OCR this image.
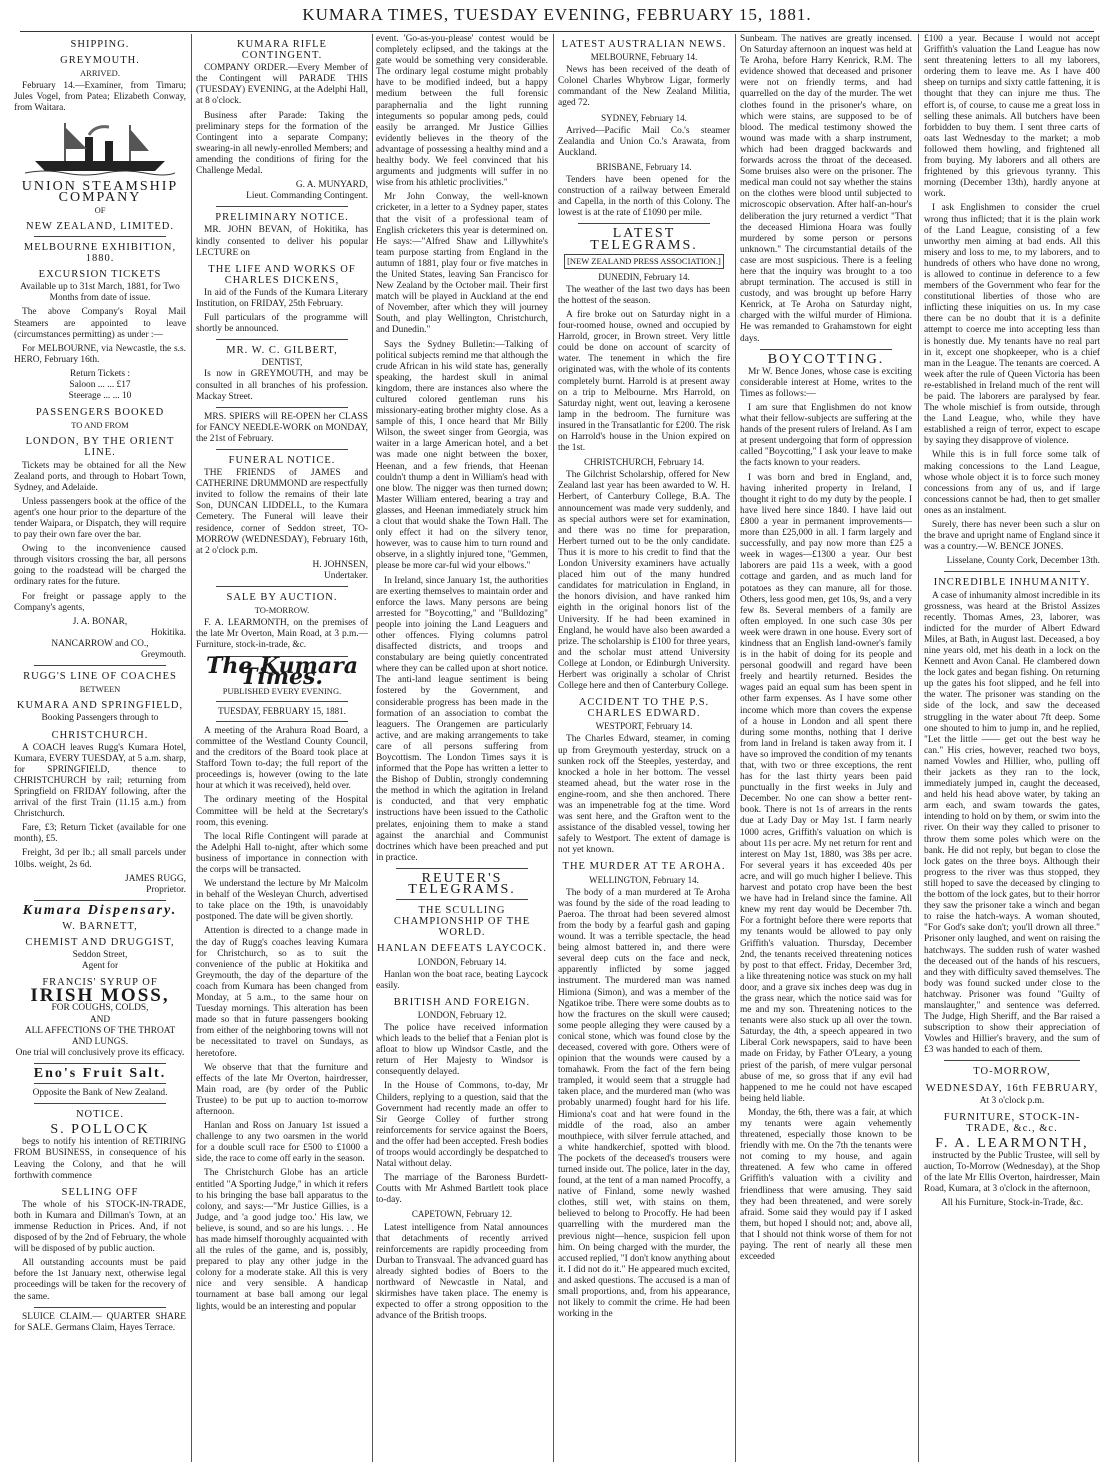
KUMARA TIMES, TUESDAY EVENING, FEBRUARY 15, 1881.
SHIPPING.
GREYMOUTH.
ARRIVED.

February 14.—Examiner, from Timaru; Jules Vogel, from Patea; Elizabeth Conway, from Waitara.

UNION STEAMSHIP COMPANY
OF
NEW ZEALAND, LIMITED.
MELBOURNE EXHIBITION, 1880.
EXCURSION TICKETS

Available up to 31st March, 1881, for Two Months from date of issue.

The above Company's Royal Mail Steamers are appointed to leave (circumstances permitting) as under :—

For MELBOURNE, via Newcastle, the s.s. HERO, February 16th.

Return Tickets :
Saloon ... ... £17
Steerage ... ... 10
PASSENGERS BOOKED
TO AND FROM
LONDON, BY THE ORIENT LINE.

Tickets may be obtained for all the New Zealand ports, and through to Hobart Town, Sydney, and Adelaide.

Unless passengers book at the office of the agent's one hour prior to the departure of the tender Waipara, or Dispatch, they will require to pay their own fare over the bar.

Owing to the inconvenience caused through visitors crossing the bar, all persons going to the roadstead will be charged the ordinary rates for the future.

For freight or passage apply to the Company's agents,

J. A. BONAR,
Hokitika.
NANCARROW and CO.,
Greymouth.
RUGG'S LINE OF COACHES
BETWEEN
KUMARA AND SPRINGFIELD,
Booking Passengers through to
CHRISTCHURCH.

A COACH leaves Rugg's Kumara Hotel, Kumara, EVERY TUESDAY, at 5 a.m. sharp, for SPRINGFIELD, thence to CHRISTCHURCH by rail; returning from Springfield on FRIDAY following, after the arrival of the first Train (11.15 a.m.) from Christchurch.

Fare, £3; Return Ticket (available for one month), £5.

Freight, 3d per lb.; all small parcels under 10lbs. weight, 2s 6d.

JAMES RUGG,
Proprietor.
Kumara Dispensary.
W. BARNETT,
CHEMIST AND DRUGGIST,
Seddon Street,
Agent for
FRANCIS' SYRUP OF
IRISH MOSS,
FOR COUGHS, COLDS,
AND
ALL AFFECTIONS OF THE THROAT AND LUNGS.

One trial will conclusively prove its efficacy.

Eno's Fruit Salt.
Opposite the Bank of New Zealand.
NOTICE.
S. POLLOCK

begs to notify his intention of RETIRING FROM BUSINESS, in consequence of his Leaving the Colony, and that he will forthwith commence

SELLING OFF

The whole of his STOCK-IN-TRADE, both in Kumara and Dillman's Town, at an immense Reduction in Prices. And, if not disposed of by the 2nd of February, the whole will be disposed of by public auction.

All outstanding accounts must be paid before the 1st January next, otherwise legal proceedings will be taken for the recovery of the same.

SLUICE CLAIM.— QUARTER SHARE for SALE. Germans Claim, Hayes Terrace.

KUMARA RIFLE CONTINGENT.

COMPANY ORDER.—Every Member of the Contingent will PARADE THIS (TUESDAY) EVENING, at the Adelphi Hall, at 8 o'clock.

Business after Parade: Taking the preliminary steps for the formation of the Contingent into a separate Company; swearing-in all newly-enrolled Members; and amending the conditions of firing for the Challenge Medal.

G. A. MUNYARD,
Lieut. Commanding Contingent.
PRELIMINARY NOTICE.

MR. JOHN BEVAN, of Hokitika, has kindly consented to deliver his popular LECTURE on

THE LIFE AND WORKS OF CHARLES DICKENS,

In aid of the Funds of the Kumara Literary Institution, on FRIDAY, 25th February.

Full particulars of the programme will shortly be announced.

MR. W. C. GILBERT,
DENTIST,

Is now in GREYMOUTH, and may be consulted in all branches of his profession. Mackay Street.

MRS. SPIERS will RE-OPEN her CLASS for FANCY NEEDLE-WORK on MONDAY, the 21st of February.

FUNERAL NOTICE.

THE FRIENDS of JAMES and CATHERINE DRUMMOND are respectfully invited to follow the remains of their late Son, DUNCAN LIDDELL, to the Kumara Cemetery. The Funeral will leave their residence, corner of Seddon street, TO-MORROW (WEDNESDAY), February 16th, at 2 o'clock p.m.

H. JOHNSEN,
Undertaker.
SALE BY AUCTION.
TO-MORROW.

F. A. LEARMONTH, on the premises of the late Mr Overton, Main Road, at 3 p.m.—Furniture, stock-in-trade, &c.

The Kumara Times.
PUBLISHED EVERY EVENING.
TUESDAY, FEBRUARY 15, 1881.

A meeting of the Arahura Road Board, a committee of the Westland County Council, and the creditors of the Board took place at Stafford Town to-day; the full report of the proceedings is, however (owing to the late hour at which it was received), held over.

The ordinary meeting of the Hospital Committee will be held at the Secretary's room, this evening.

The local Rifle Contingent will parade at the Adelphi Hall to-night, after which some business of importance in connection with the corps will be transacted.

We understand the lecture by Mr Malcolm in behalf of the Wesleyan Church, advertised to take place on the 19th, is unavoidably postponed. The date will be given shortly.

Attention is directed to a change made in the day of Rugg's coaches leaving Kumara for Christchurch, so as to suit the convenience of the public at Hokitika and Greymouth, the day of the departure of the coach from Kumara has been changed from Monday, at 5 a.m., to the same hour on Tuesday mornings. This alteration has been made so that in future passengers booking from either of the neighboring towns will not be necessitated to travel on Sundays, as heretofore.

We observe that that the furniture and effects of the late Mr Overton, hairdresser, Main road, are (by order of the Public Trustee) to be put up to auction to-morrow afternoon.

Hanlan and Ross on January 1st issued a challenge to any two oarsmen in the world for a double scull race for £500 to £1000 a side, the race to come off early in the season.

The Christchurch Globe has an article entitled "A Sporting Judge," in which it refers to his bringing the base ball apparatus to the colony, and says:—"Mr Justice Gillies, is a Judge, and 'a good judge too.' His law, we believe, is sound, and so are his lungs. . . He has made himself thoroughly acquainted with all the rules of the game, and is, possibly, prepared to play any other judge in the colony for a moderate stake. All this is very nice and very sensible. A handicap tournament at base ball among our legal lights, would be an interesting and popular

event. 'Go-as-you-please' contest would be completely eclipsed, and the takings at the gate would be something very considerable. The ordinary legal costume might probably have to be modified indeed, but a happy medium between the full forensic paraphernalia and the light running integuments so popular among peds, could easily be arranged. Mr Justice Gillies evidently believes in the theory of the advantage of possessing a healthy mind and a healthy body. We feel convinced that his arguments and judgments will suffer in no wise from his athletic proclivities."

Mr John Conway, the well-known cricketer, in a letter to a Sydney paper, states that the visit of a professional team of English cricketers this year is determined on. He says:—"Alfred Shaw and Lillywhite's team purpose starting from England in the autumn of 1881, play four or five matches in the United States, leaving San Francisco for New Zealand by the October mail. Their first match will be played in Auckland at the end of November, after which they will journey South, and play Wellington, Christchurch, and Dunedin."

Says the Sydney Bulletin:—Talking of political subjects remind me that although the crude African in his wild state has, generally speaking, the hardest skull in animal kingdom, there are instances also where the cultured colored gentleman runs his missionary-eating brother mighty close. As a sample of this, I once heard that Mr Billy Wilson, the sweet singer from Georgia, was waiter in a large American hotel, and a bet was made one night between the boxer, Heenan, and a few friends, that Heenan couldn't thump a dent in William's head with one blow. The nigger was then turned down; Master William entered, bearing a tray and glasses, and Heenan immediately struck him a clout that would shake the Town Hall. The only effect it had on the silvery tenor, however, was to cause him to turn round and observe, in a slightly injured tone, "Gemmen, please be more car-ful wid your elbows."

In Ireland, since January 1st, the authorities are exerting themselves to maintain order and enforce the laws. Many persons are being arrested for "Boycotting," and "Bulldozing" people into joining the Land Leaguers and other offences. Flying columns patrol disaffected districts, and troops and constabulary are being quietly concentrated where they can be called upon at short notice. The anti-land league sentiment is being fostered by the Government, and considerable progress has been made in the formation of an association to combat the leaguers. The Orangemen are particularly active, and are making arrangements to take care of all persons suffering from Boycottism. The London Times says it is informed that the Pope has written a letter to the Bishop of Dublin, strongly condemning the method in which the agitation in Ireland is conducted, and that very emphatic instructions have been issued to the Catholic prelates, enjoining them to make a stand against the anarchial and Communist doctrines which have been preached and put in practice.

REUTER'S TELEGRAMS.
THE SCULLING CHAMPIONSHIP OF THE WORLD.
HANLAN DEFEATS LAYCOCK.
LONDON, February 14.

Hanlan won the boat race, beating Laycock easily.

BRITISH AND FOREIGN.
LONDON, February 12.

The police have received information which leads to the belief that a Fenian plot is afloat to blow up Windsor Castle, and the return of Her Majesty to Windsor is consequently delayed.

In the House of Commons, to-day, Mr Childers, replying to a question, said that the Government had recently made an offer to Sir George Colley of further strong reinforcements for service against the Boers, and the offer had been accepted. Fresh bodies of troops would accordingly be despatched to Natal without delay.

The marriage of the Baroness Burdett-Coutts with Mr Ashmed Bartlett took place to-day.

CAPETOWN, February 12.

Latest intelligence from Natal announces that detachments of recently arrived reinforcements are rapidly proceeding from Durban to Transvaal. The advanced guard has already sighted bodies of Boers to the northward of Newcastle in Natal, and skirmishes have taken place. The enemy is expected to offer a strong opposition to the advance of the British troops.

LATEST AUSTRALIAN NEWS.
MELBOURNE, February 14.

News has been received of the death of Colonel Charles Whybrow Ligar, formerly commandant of the New Zealand Militia, aged 72.

SYDNEY, February 14.

Arrived—Pacific Mail Co.'s steamer Zealandia and Union Co.'s Arawata, from Auckland.

BRISBANE, February 14.

Tenders have been opened for the construction of a railway between Emerald and Capella, in the north of this Colony. The lowest is at the rate of £1090 per mile.

LATEST TELEGRAMS.
[NEW ZEALAND PRESS ASSOCIATION.]
DUNEDIN, February 14.

The weather of the last two days has been the hottest of the season.

A fire broke out on Saturday night in a four-roomed house, owned and occupied by Harrold, grocer, in Brown street. Very little could be done on account of scarcity of water. The tenement in which the fire originated was, with the whole of its contents completely burnt. Harrold is at present away on a trip to Melbourne. Mrs Harrold, on Saturday night, went out, leaving a kerosene lamp in the bedroom. The furniture was insured in the Transatlantic for £200. The risk on Harrold's house in the Union expired on the 1st.

CHRISTCHURCH, February 14.

The Gilchrist Scholarship, offered for New Zealand last year has been awarded to W. H. Herbert, of Canterbury College, B.A. The announcement was made very suddenly, and as special authors were set for examination, and there was no time for preparation, Herbert turned out to be the only candidate. Thus it is more to his credit to find that the London University examiners have actually placed him out of the many hundred candidates for matriculation in England, in the honors division, and have ranked him eighth in the original honors list of the University. If he had been examined in England, he would have also been awarded a prize. The scholarship is £100 for three years, and the scholar must attend University College at London, or Edinburgh University. Herbert was originally a scholar of Christ College here and then of Canterbury College.

ACCIDENT TO THE P.S. CHARLES EDWARD.
WESTPORT, February 14.

The Charles Edward, steamer, in coming up from Greymouth yesterday, struck on a sunken rock off the Steeples, yesterday, and knocked a hole in her bottom. The vessel steamed ahead, but the water rose in the engine-room, and she then anchored. There was an impenetrable fog at the time. Word was sent here, and the Grafton went to the assistance of the disabled vessel, towing her safely to Westport. The extent of damage is not yet known.

THE MURDER AT TE AROHA.
WELLINGTON, February 14.

The body of a man murdered at Te Aroha was found by the side of the road leading to Paeroa. The throat had been severed almost from the body by a fearful gash and gaping wound. It was a terrible spectacle, the head being almost battered in, and there were several deep cuts on the face and neck, apparently inflicted by some jagged instrument. The murdered man was named Himiona (Simon), and was a member of the Ngatikoe tribe. There were some doubts as to how the fractures on the skull were caused; some people alleging they were caused by a conical stone, which was found close by the deceased, covered with gore. Others were of opinion that the wounds were caused by a tomahawk. From the fact of the fern being trampled, it would seem that a struggle had taken place, and the murdered man (who was probably unarmed) fought hard for his life. Himiona's coat and hat were found in the middle of the road, also an amber mouthpiece, with silver ferrule attached, and a white handkerchief, spotted with blood. The pockets of the deceased's trousers were turned inside out. The police, later in the day, found, at the tent of a man named Procoffy, a native of Finland, some newly washed clothes, still wet, with stains on them, believed to belong to Procoffy. He had been quarrelling with the murdered man the previous night—hence, suspicion fell upon him. On being charged with the murder, the accused replied, "I don't know anything about it. I did not do it." He appeared much excited, and asked questions. The accused is a man of small proportions, and, from his appearance, not likely to commit the crime. He had been working in the

Sunbeam. The natives are greatly incensed. On Saturday afternoon an inquest was held at Te Aroha, before Harry Kenrick, R.M. The evidence showed that deceased and prisoner were not on friendly terms, and had quarrelled on the day of the murder. The wet clothes found in the prisoner's whare, on which were stains, are supposed to be of blood. The medical testimony showed the wound was made with a sharp instrument, which had been dragged backwards and forwards across the throat of the deceased. Some bruises also were on the prisoner. The medical man could not say whether the stains on the clothes were blood until subjected to microscopic observation. After half-an-hour's deliberation the jury returned a verdict "That the deceased Himiona Hoara was foully murdered by some person or persons unknown." The circumstantial details of the case are most suspicious. There is a feeling here that the inquiry was brought to a too abrupt termination. The accused is still in custody, and was brought up before Harry Kenrick, at Te Aroha on Saturday night, charged with the wilful murder of Himiona. He was remanded to Grahamstown for eight days.

BOYCOTTING.

Mr W. Bence Jones, whose case is exciting considerable interest at Home, writes to the Times as follows:—

I am sure that Englishmen do not know what their fellow-subjects are suffering at the hands of the present rulers of Ireland. As I am at present undergoing that form of oppression called "Boycotting," I ask your leave to make the facts known to your readers.

I was born and bred in England, and, having inherited property in Ireland, I thought it right to do my duty by the people. I have lived here since 1840. I have laid out £800 a year in permanent improvements—more than £25,000 in all. I farm largely and successfully, and pay now more than £25 a week in wages—£1300 a year. Our best laborers are paid 11s a week, with a good cottage and garden, and as much land for potatoes as they can manure, all for those. Others, less good men, get 10s, 9s, and a very few 8s. Several members of a family are often employed. In one such case 30s per week were drawn in one house. Every sort of kindness that an English land-owner's family is in the habit of doing for its people and personal goodwill and regard have been freely and heartily returned. Besides the wages paid an equal sum has been spent in other farm expenses. As I have some other income which more than covers the expense of a house in London and all spent there during some months, nothing that I derive from land in Ireland is taken away from it. I have so improved the condition of my tenants that, with two or three exceptions, the rent has for the last thirty years been paid punctually in the first weeks in July and December. No one can show a better rent-book. There is not 1s of arrears in the rents due at Lady Day or May 1st. I farm nearly 1000 acres, Griffith's valuation on which is about 11s per acre. My net return for rent and interest on May 1st, 1880, was 38s per acre. For several years it has exceeded 40s per acre, and will go much higher I believe. This harvest and potato crop have been the best we have had in Ireland since the famine. All knew my rent day would be December 7th. For a fortnight before there were reports that my tenants would be allowed to pay only Griffith's valuation. Thursday, December 2nd, the tenants received threatening notices by post to that effect. Friday, December 3rd, a like threatening notice was stuck on my hall door, and a grave six inches deep was dug in the grass near, which the notice said was for me and my son. Threatening notices to the tenants were also stuck up all over the town. Saturday, the 4th, a speech appeared in two Liberal Cork newspapers, said to have been made on Friday, by Father O'Leary, a young priest of the parish, of mere vulgar personal abuse of me, so gross that if any evil had happened to me he could not have escaped being held liable.

Monday, the 6th, there was a fair, at which my tenants were again vehemently threatened, especially those known to be friendly with me. On the 7th the tenants were not coming to my house, and again threatened. A few who came in offered Griffith's valuation with a civility and friendliness that were amusing. They said they had been threatened, and were sorely afraid. Some said they would pay if I asked them, but hoped I should not; and, above all, that I should not think worse of them for not paying. The rent of nearly all these men exceeded

£100 a year. Because I would not accept Griffith's valuation the Land League has now sent threatening letters to all my laborers, ordering them to leave me. As I have 400 sheep on turnips and sixty cattle fattening, it is thought that they can injure me thus. The effort is, of course, to cause me a great loss in selling these animals. All butchers have been forbidden to buy them. I sent three carts of oats last Wednesday to the market; a mob followed them howling, and frightened all from buying. My laborers and all others are frightened by this grievous tyranny. This morning (December 13th), hardly anyone at work.

I ask Englishmen to consider the cruel wrong thus inflicted; that it is the plain work of the Land League, consisting of a few unworthy men aiming at bad ends. All this misery and loss to me, to my laborers, and to hundreds of others who have done no wrong, is allowed to continue in deference to a few members of the Government who fear for the constitutional liberties of those who are inflicting these iniquities on us. In my case there can be no doubt that it is a definite attempt to coerce me into accepting less than is honestly due. My tenants have no real part in it, except one shopkeeper, who is a chief man in the League. The tenants are coerced. A week after the rule of Queen Victoria has been re-established in Ireland much of the rent will be paid. The laborers are paralysed by fear. The whole mischief is from outside, through the Land League, who, while they have established a reign of terror, expect to escape by saying they disapprove of violence.

While this is in full force some talk of making concessions to the Land League, whose whole object it is to force such money concessions from any of us, and if large concessions cannot be had, then to get smaller ones as an instalment.

Surely, there has never been such a slur on the brave and upright name of England since it was a country.—W. BENCE JONES.

Lisselane, County Cork, December 13th.

INCREDIBLE INHUMANITY.

A case of inhumanity almost incredible in its grossness, was heard at the Bristol Assizes recently. Thomas Ames, 23, laborer, was indicted for the murder of Albert Edward Miles, at Bath, in August last. Deceased, a boy nine years old, met his death in a lock on the Kennett and Avon Canal. He clambered down the lock gates and began fishing. On returning up the gates his foot slipped, and he fell into the water. The prisoner was standing on the side of the lock, and saw the deceased struggling in the water about 7ft deep. Some one shouted to him to jump in, and he replied, "Let the little —— get out the best way he can." His cries, however, reached two boys, named Vowles and Hillier, who, pulling off their jackets as they ran to the lock, immediately jumped in, caught the deceased, and held his head above water, by taking an arm each, and swam towards the gates, intending to hold on by them, or swim into the river. On their way they called to prisoner to throw them some poles which were on the bank. He did not reply, but began to close the lock gates on the three boys. Although their progress to the river was thus stopped, they still hoped to save the deceased by clinging to the bottom of the lock gates, but to their horror they saw the prisoner take a winch and began to raise the hatch-ways. A woman shouted, "For God's sake don't; you'll drown all three." Prisoner only laughed, and went on raising the hatchways. The sudden rush of water washed the deceased out of the hands of his rescuers, and they with difficulty saved themselves. The body was found sucked under close to the hatchway. Prisoner was found "Guilty of manslaughter," and sentence was deferred. The Judge, High Sheriff, and the Bar raised a subscription to show their appreciation of Vowles and Hillier's bravery, and the sum of £3 was handed to each of them.

TO-MORROW,
WEDNESDAY, 16th FEBRUARY,
At 3 o'clock p.m.
FURNITURE, STOCK-IN-TRADE, &c., &c.
F. A. LEARMONTH,

instructed by the Public Trustee, will sell by auction, To-Morrow (Wednesday), at the Shop of the late Mr Ellis Overton, hairdresser, Main Road, Kumara, at 3 o'clock in the afternoon,

All his Furniture, Stock-in-Trade, &c.
